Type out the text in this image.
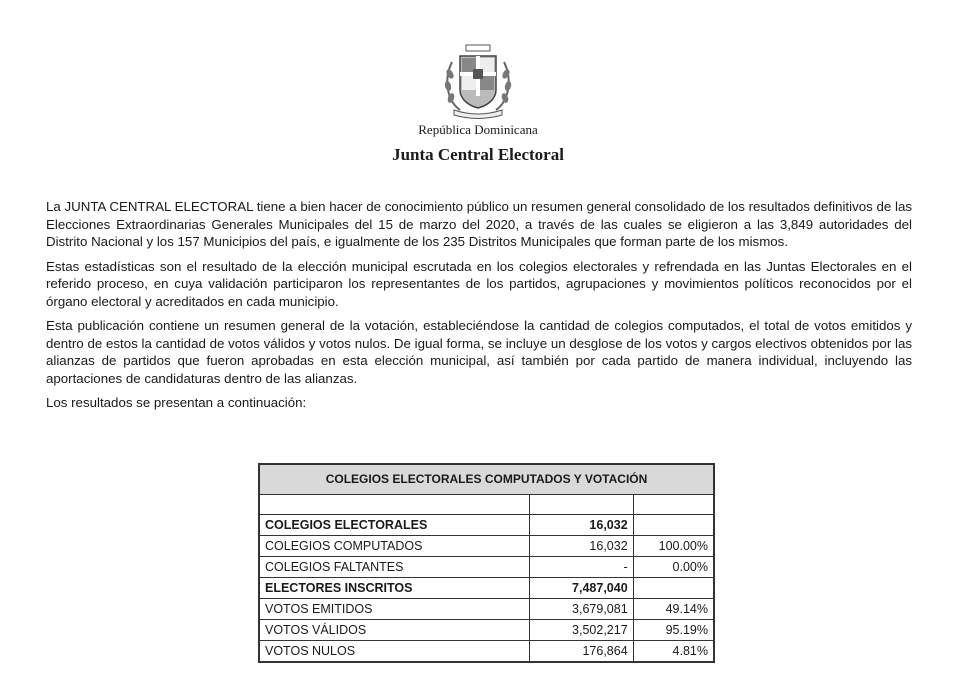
República Dominicana
Junta Central Electoral

La JUNTA CENTRAL ELECTORAL tiene a bien hacer de conocimiento público un resumen general consolidado de los resultados definitivos de las Elecciones Extraordinarias Generales Municipales del 15 de marzo del 2020, a través de las cuales se eligieron a las 3,849 autoridades del Distrito Nacional y los 157 Municipios del país, e igualmente de los 235 Distritos Municipales que forman parte de los mismos.

Estas estadísticas son el resultado de la elección municipal escrutada en los colegios electorales y refrendada en las Juntas Electorales en el referido proceso, en cuya validación participaron los representantes de los partidos, agrupaciones y movimientos políticos reconocidos por el órgano electoral y acreditados en cada municipio.

Esta publicación contiene un resumen general de la votación, estableciéndose la cantidad de colegios computados, el total de votos emitidos y dentro de estos la cantidad de votos válidos y votos nulos. De igual forma, se incluye un desglose de los votos y cargos electivos obtenidos por las alianzas de partidos que fueron aprobadas en esta elección municipal, así también por cada partido de manera individual, incluyendo las aportaciones de candidaturas dentro de las alianzas.

Los resultados se presentan a continuación:

COLEGIOS ELECTORALES COMPUTADOS Y VOTACIÓN		

COLEGIOS ELECTORALES	16,032	
COLEGIOS COMPUTADOS	16,032	100.00%
COLEGIOS FALTANTES	-	0.00%
ELECTORES INSCRITOS	7,487,040	
VOTOS EMITIDOS	3,679,081	49.14%
VOTOS VÁLIDOS	3,502,217	95.19%
VOTOS NULOS	176,864	4.81%
